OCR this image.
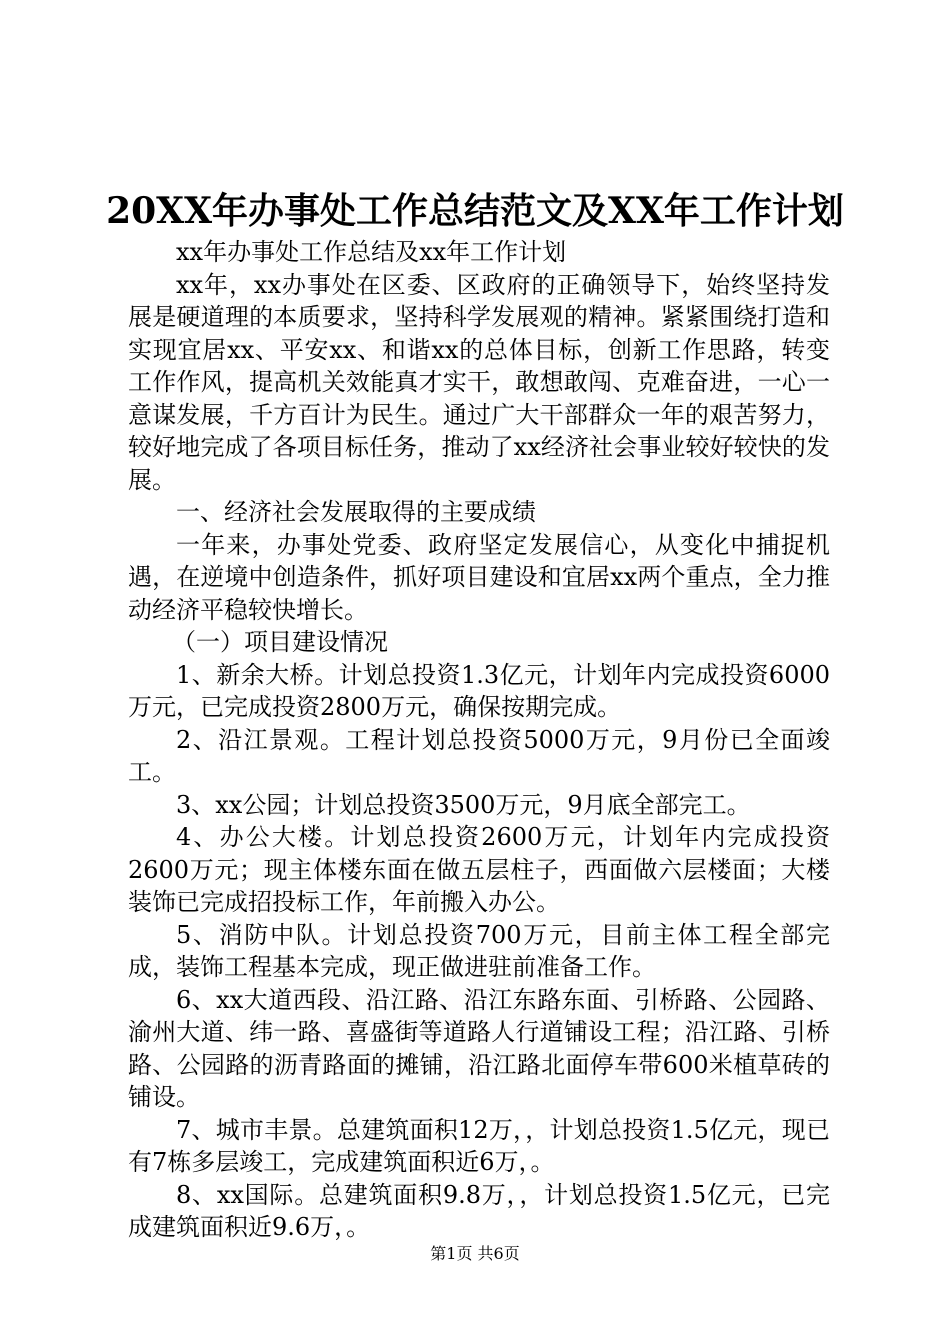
20XX年办事处工作总结范文及XX年工作计划

xx年办事处工作总结及xx年工作计划

xx年，xx办事处在区委、区政府的正确领导下，始终坚持发展是硬道理的本质要求，坚持科学发展观的精神。紧紧围绕打造和实现宜居xx、平安xx、和谐xx的总体目标，创新工作思路，转变工作作风，提高机关效能真才实干，敢想敢闯、克难奋进，一心一意谋发展，千方百计为民生。通过广大干部群众一年的艰苦努力，较好地完成了各项目标任务，推动了xx经济社会事业较好较快的发展。

一、经济社会发展取得的主要成绩

一年来，办事处党委、政府坚定发展信心，从变化中捕捉机遇，在逆境中创造条件，抓好项目建设和宜居xx两个重点，全力推动经济平稳较快增长。

（一）项目建设情况

1、新余大桥。计划总投资1.3亿元，计划年内完成投资6000万元，已完成投资2800万元，确保按期完成。

2、沿江景观。工程计划总投资5000万元，9月份已全面竣工。

3、xx公园；计划总投资3500万元，9月底全部完工。

4、办公大楼。计划总投资2600万元，计划年内完成投资2600万元；现主体楼东面在做五层柱子，西面做六层楼面；大楼装饰已完成招投标工作，年前搬入办公。

5、消防中队。计划总投资700万元，目前主体工程全部完成，装饰工程基本完成，现正做进驻前准备工作。

6、xx大道西段、沿江路、沿江东路东面、引桥路、公园路、渝州大道、纬一路、喜盛街等道路人行道铺设工程；沿江路、引桥路、公园路的沥青路面的摊铺，沿江路北面停车带600米植草砖的铺设。

7、城市丰景。总建筑面积12万，，计划总投资1.5亿元，现已有7栋多层竣工，完成建筑面积近6万，。

8、xx国际。总建筑面积9.8万，，计划总投资1.5亿元，已完成建筑面积近9.6万，。

第1页 共6页
